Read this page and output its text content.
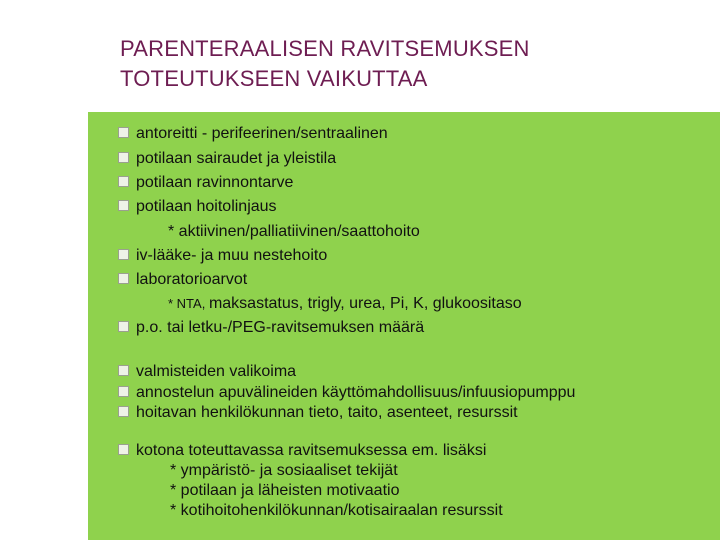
PARENTERAALISEN RAVITSEMUKSEN
TOTEUTUKSEEN VAIKUTTAA
antoreitti - perifeerinen/sentraalinen
potilaan sairaudet ja yleistila
potilaan ravinnontarve
potilaan hoitolinjaus
* aktiivinen/palliatiivinen/saattohoito
iv-lääke- ja muu nestehoito
laboratorioarvot
* NTA, maksastatus, trigly, urea, Pi, K, glukoositaso
p.o. tai letku-/PEG-ravitsemuksen määrä
valmisteiden valikoima
annostelun apuvälineiden käyttömahdollisuus/infuusiopumppu
hoitavan henkilökunnan tieto, taito, asenteet, resurssit
kotona toteuttavassa ravitsemuksessa em. lisäksi
* ympäristö- ja sosiaaliset tekijät
* potilaan ja läheisten motivaatio
* kotihoitohenkilökunnan/kotisairaalan resurssit
